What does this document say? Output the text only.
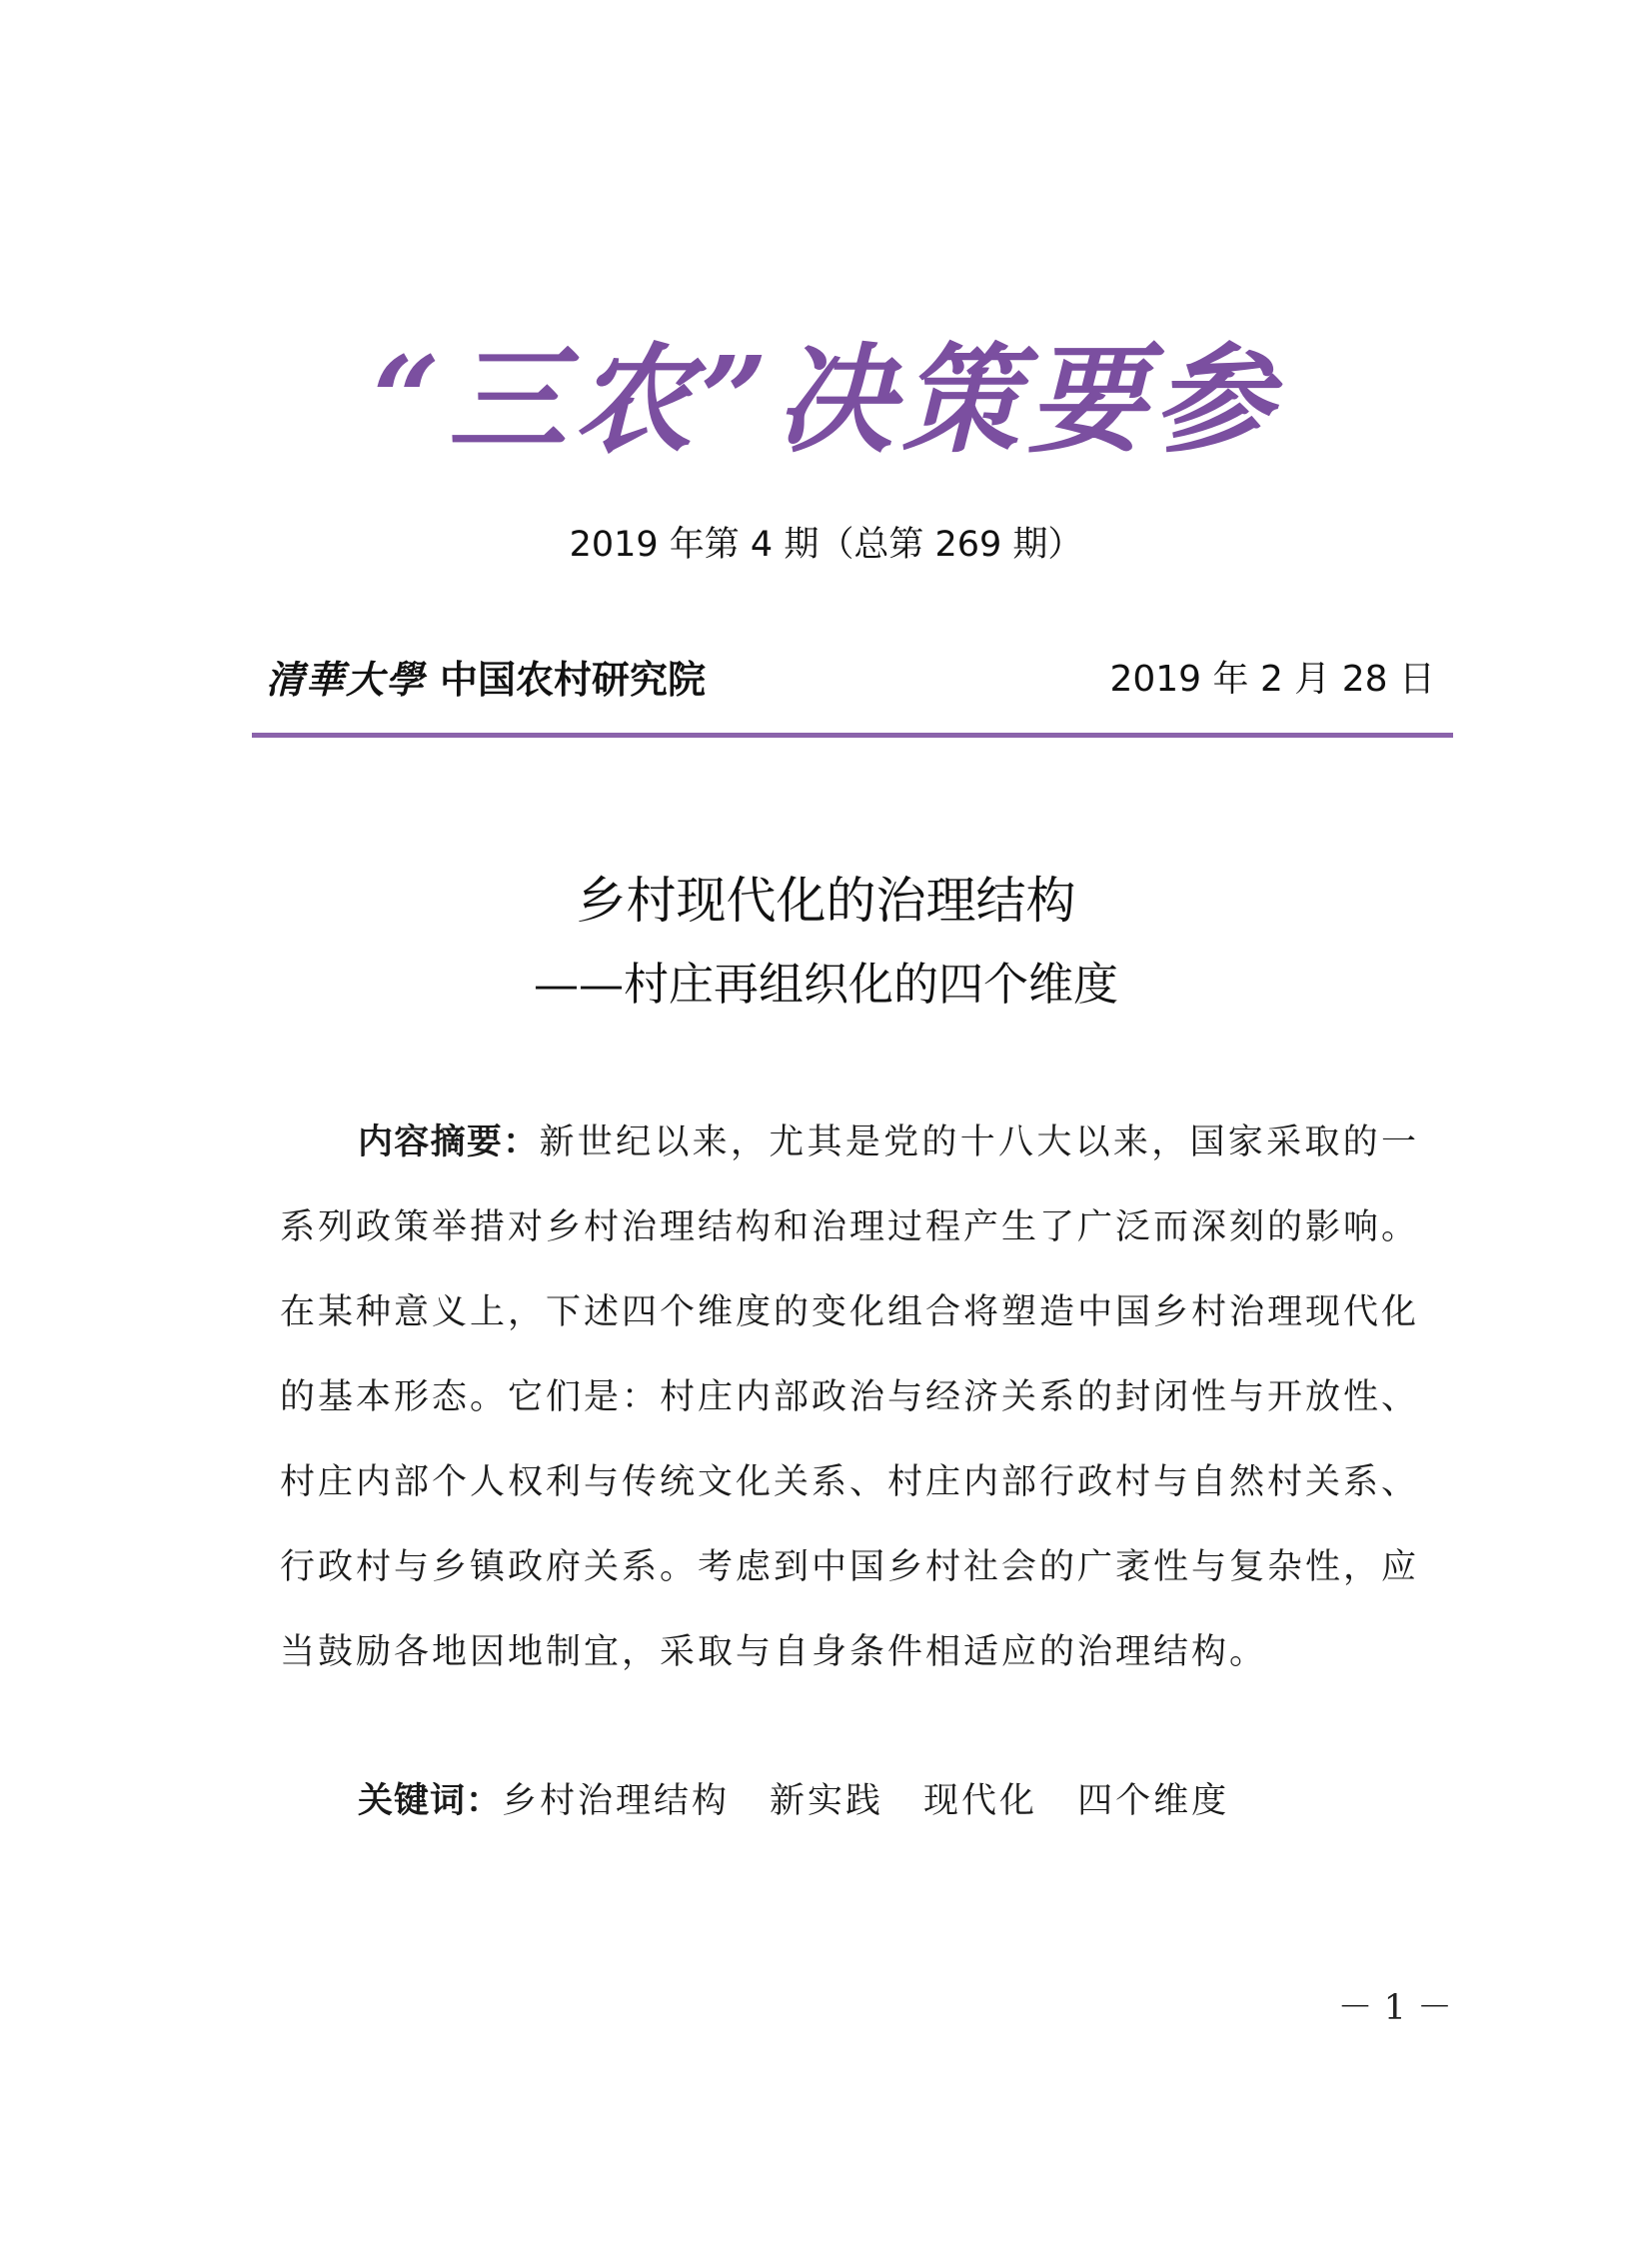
“三农”决策要参
2019 年第 4 期（总第 269 期）
清華大學 中国农村研究院	2019 年 2 月 28 日
乡村现代化的治理结构
——村庄再组织化的四个维度

内容摘要：新世纪以来，尤其是党的十八大以来，国家采取的一系列政策举措对乡村治理结构和治理过程产生了广泛而深刻的影响。在某种意义上，下述四个维度的变化组合将塑造中国乡村治理现代化的基本形态。它们是：村庄内部政治与经济关系的封闭性与开放性、村庄内部个人权利与传统文化关系、村庄内部行政村与自然村关系、行政村与乡镇政府关系。考虑到中国乡村社会的广袤性与复杂性，应当鼓励各地因地制宜，采取与自身条件相适应的治理结构。

关键词：乡村治理结构 新实践 现代化 四个维度
－ 1 －
